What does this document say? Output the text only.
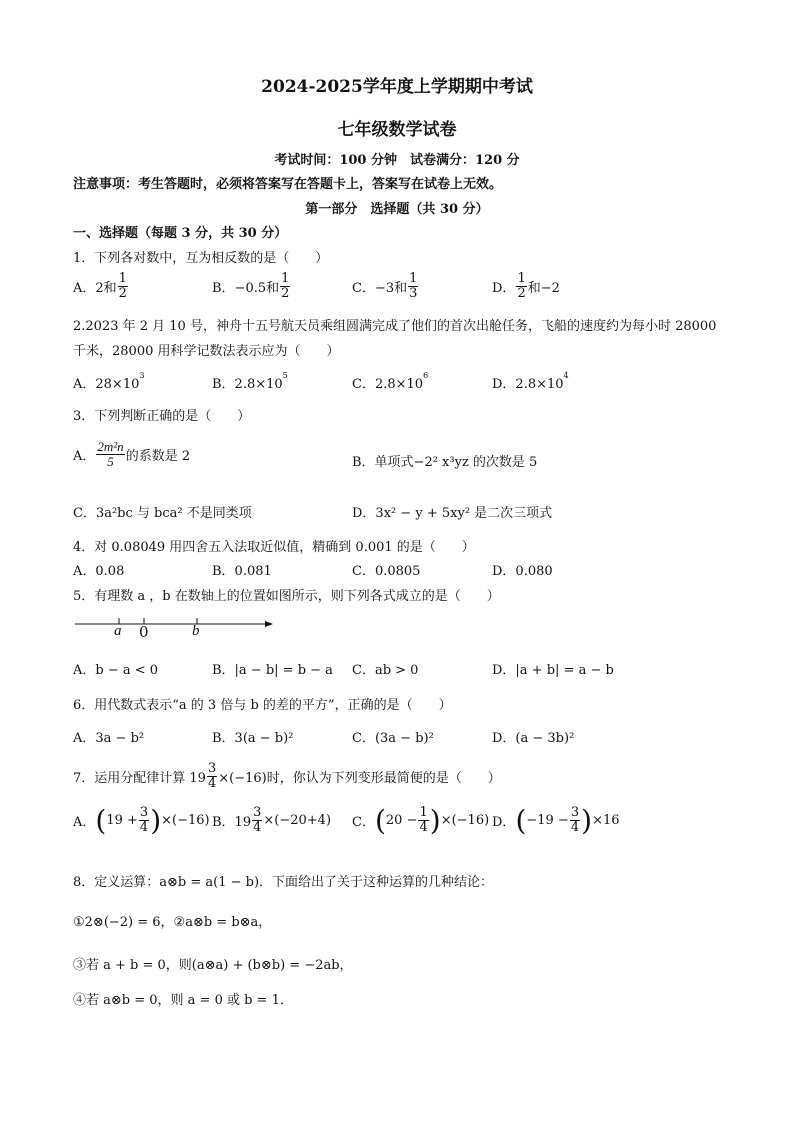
2024-2025学年度上学期期中考试
七年级数学试卷
考试时间：100 分钟　试卷满分：120 分
注意事项：考生答题时，必须将答案写在答题卡上，答案写在试卷上无效。
第一部分　选择题（共 30 分）
一、选择题（每题 3 分，共 30 分）
1．下列各对数中，互为相反数的是（　　）
A．2和 $\frac{1}{2}$	B．−0.5和 $\frac{1}{2}$	C．−3和 $\frac{1}{3}$	D． $\frac{1}{2}$ 和−2
2.2023 年 2 月 10 号，神舟十五号航天员乘组圆满完成了他们的首次出舱任务，飞船的速度约为每小时 28000
千米，28000 用科学记数法表示应为（　　）
A．$28\times 10^3$
B．$2.8\times 10^5$
C．$2.8\times 10^6$
D．$2.8\times 10^4$
3．下列判断正确的是（　　）
A． $\frac{\text{2m²n}}{5}$ 的系数是 2	B．单项式−2² x³yz 的次数是 5
C．3a²bc 与 bca² 不是同类项	D．3x² − y + 5xy² 是二次三项式
4．对 0.08049 用四舍五入法取近似值，精确到 0.001 的是（　　）
A．0.08	B．0.081	C．0.0805	D．0.080
5．有理数 a ，b 在数轴上的位置如图所示，则下列各式成立的是（　　）
a 0	b
A．b − a < 0	B．|a − b| = b − a C．ab > 0	D．|a + b| = a − b
6．用代数式表示“a 的 3 倍与 b 的差的平方”，正确的是（　　）
A．3a − b²	B．3(a − b)²	C．(3a − b)²	D．(a − 3b)²
7．运用分配律计算 $19 \frac{3}{4} \times(-16)$时，你认为下列变形最简便的是（　　）
A． ( $19 + \frac{3}{4}$ ) ×(−16) B．$19 \frac{3}{4} \times(-20+4)$ C． ( $20 - \frac{1}{4}$ ) ×(−16) D． ( $-19 - \frac{3}{4}$ ) ×16
8．定义运算：a⊗b = a(1 − b)．下面给出了关于这种运算的几种结论：
①2⊗(−2) = 6，②a⊗b = b⊗a，
③若 a + b = 0，则(a⊗a) + (b⊗b) = −2ab，
④若 a⊗b = 0，则 a = 0 或 b = 1．
